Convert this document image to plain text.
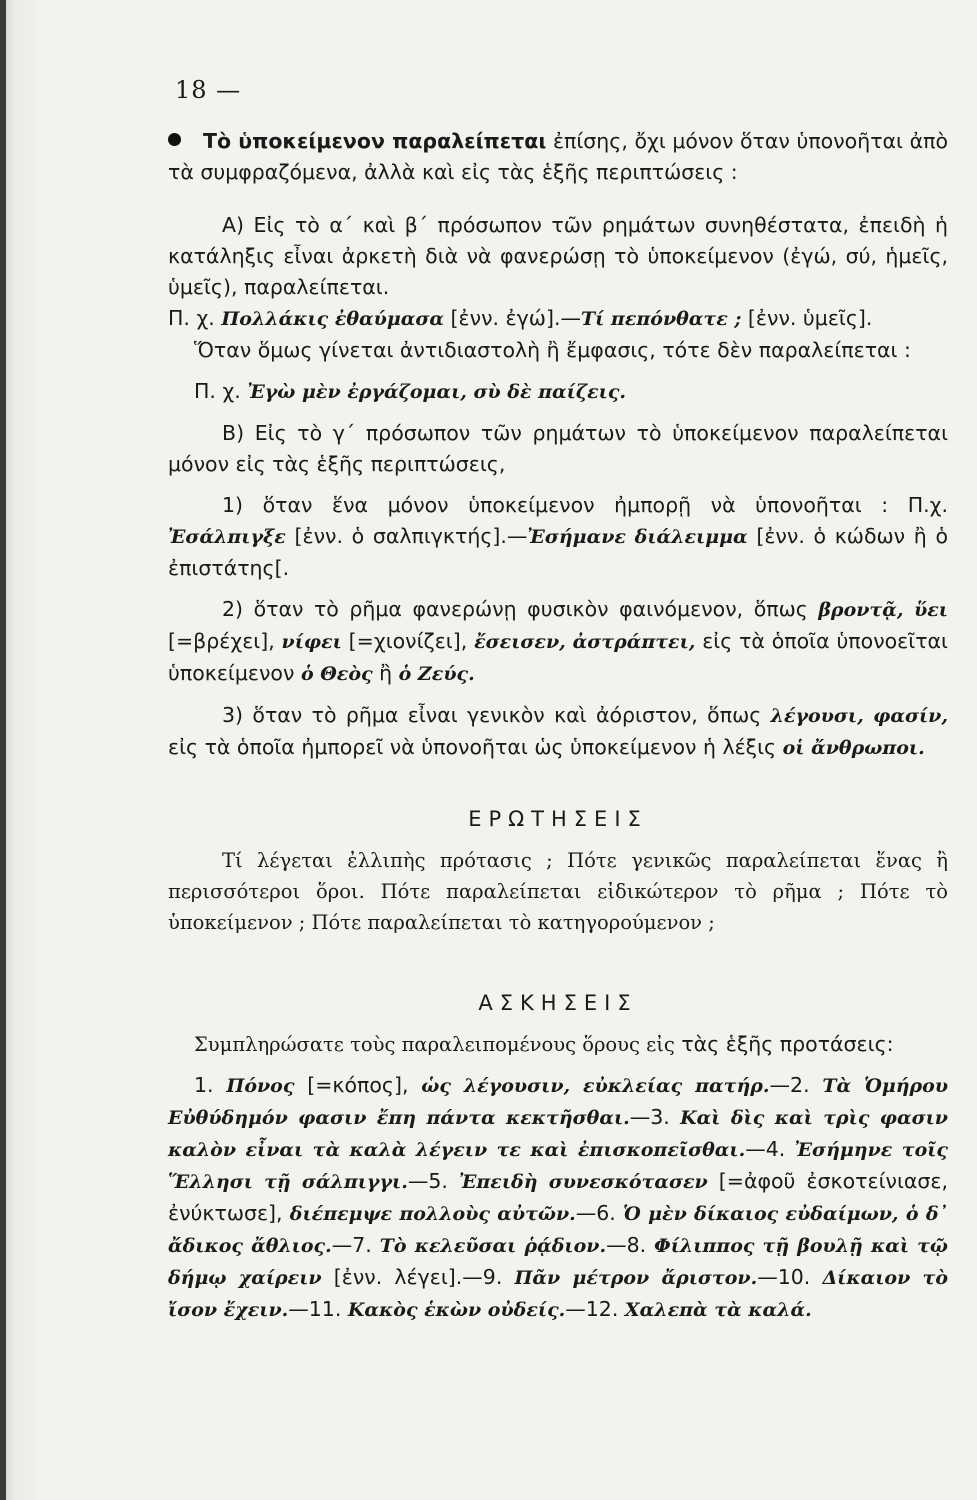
18 —

Τὸ ὑποκείμενον παραλείπεται ἐπίσης, ὄχι μόνον ὅταν ὑπονοῆται ἀπὸ τὰ συμφραζόμενα, ἀλλὰ καὶ εἰς τὰς ἑξῆς περιπτώσεις :

Α) Εἰς τὸ α΄ καὶ β΄ πρόσωπον τῶν ρημάτων συνηθέστατα, ἐπειδὴ ἡ κατάληξις εἶναι ἀρκετὴ διὰ νὰ φανερώσῃ τὸ ὑποκείμενον (ἐγώ, σύ, ἡμεῖς, ὑμεῖς), παραλείπεται.

Π. χ. Πολλάκις ἐθαύμασα [ἐνν. ἐγώ].—Τί πεπόνθατε ; [ἐνν. ὑμεῖς].

Ὅταν ὅμως γίνεται ἀντιδιαστολὴ ἢ ἔμφασις, τότε δὲν παραλείπεται :

Π. χ. Ἐγὼ μὲν ἐργάζομαι, σὺ δὲ παίζεις.

Β) Εἰς τὸ γ΄ πρόσωπον τῶν ρημάτων τὸ ὑποκείμενον παραλείπεται μόνον εἰς τὰς ἑξῆς περιπτώσεις,

1) ὅταν ἕνα μόνον ὑποκείμενον ἠμπορῇ νὰ ὑπονοῆται : Π.χ. Ἐσάλπιγξε [ἐνν. ὁ σαλπιγκτής].—Ἐσήμανε διάλειμμα [ἐνν. ὁ κώδων ἢ ὁ ἐπιστάτης[.

2) ὅταν τὸ ρῆμα φανερώνῃ φυσικὸν φαινόμενον, ὅπως βροντᾷ, ὕει [=βρέχει], νίφει [=χιονίζει], ἔσεισεν, ἀστράπτει, εἰς τὰ ὁποῖα ὑπονοεῖται ὑποκείμενον ὁ Θεὸς ἢ ὁ Ζεύς.

3) ὅταν τὸ ρῆμα εἶναι γενικὸν καὶ ἀόριστον, ὅπως λέγουσι, φασίν, εἰς τὰ ὁποῖα ἠμπορεῖ νὰ ὑπονοῆται ὡς ὑποκείμενον ἡ λέξις οἱ ἄνθρωποι.

ΕΡΩΤΗΣΕΙΣ

Τί λέγεται ἐλλιπὴς πρότασις ; Πότε γενικῶς παραλείπεται ἕνας ἢ περισσότεροι ὅροι. Πότε παραλείπεται εἰδικώτερον τὸ ρῆμα ; Πότε τὸ ὑποκείμενον ; Πότε παραλείπεται τὸ κατηγορούμενον ;

ΑΣΚΗΣΕΙΣ

Συμπληρώσατε τοὺς παραλειπομένους ὅρους εἰς τὰς ἑξῆς προτάσεις:

1. Πόνος [=κόπος], ὡς λέγουσιν, εὐκλείας πατήρ.—2. Τὰ Ὁμήρου Εὐθύδημόν φασιν ἔπη πάντα κεκτῆσθαι.—3. Καὶ δὶς καὶ τρὶς φασιν καλὸν εἶναι τὰ καλὰ λέγειν τε καὶ ἐπισκοπεῖσθαι.—4. Ἐσήμηνε τοῖς Ἕλλησι τῇ σάλπιγγι.—5. Ἐπειδὴ συνεσκότασεν [=ἀφοῦ ἐσκοτείνιασε, ἐνύκτωσε], διέπεμψε πολλοὺς αὐτῶν.—6. Ὁ μὲν δίκαιος εὐδαίμων, ὁ δ᾽ ἄδικος ἄθλιος.—7. Τὸ κελεῦσαι ῥᾴδιον.—8. Φίλιππος τῇ βουλῇ καὶ τῷ δήμῳ χαίρειν [ἐνν. λέγει].—9. Πᾶν μέτρον ἄριστον.—10. Δίκαιον τὸ ἴσον ἔχειν.—11. Κακὸς ἑκὼν οὐδείς.—12. Χαλεπὰ τὰ καλά.
